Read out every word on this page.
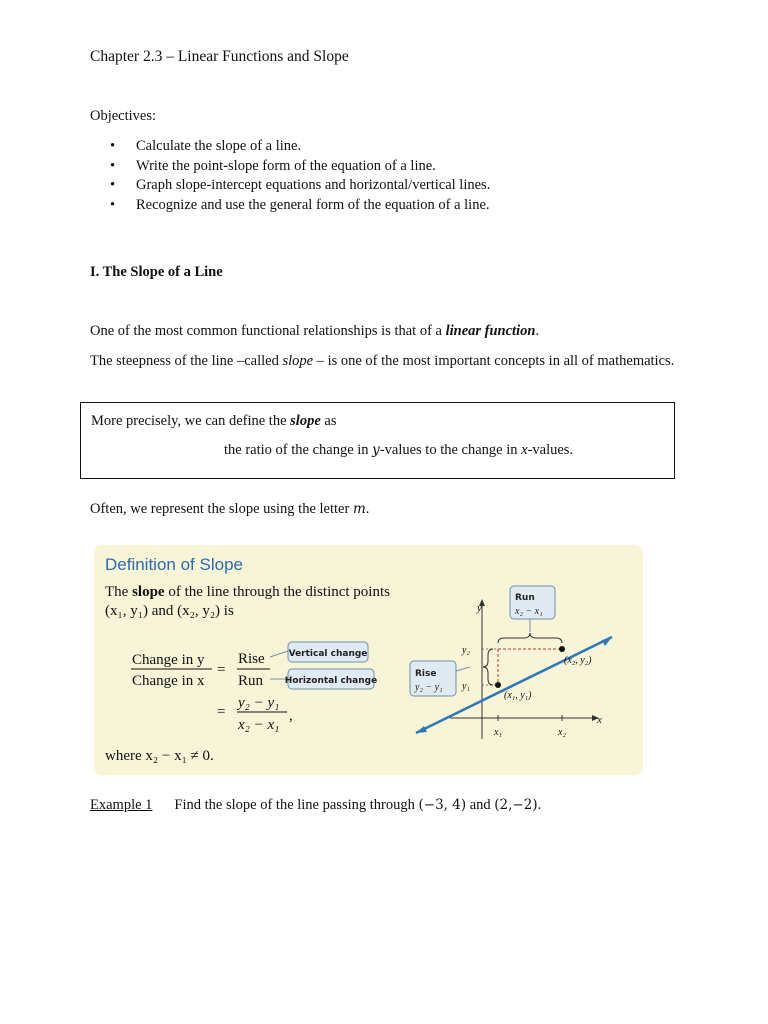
Chapter 2.3 – Linear Functions and Slope
Objectives:
• Calculate the slope of a line.
• Write the point-slope form of the equation of a line.
• Graph slope-intercept equations and horizontal/vertical lines.
• Recognize and use the general form of the equation of a line.
I. The Slope of a Line
One of the most common functional relationships is that of a linear function.
The steepness of the line –called slope – is one of the most important concepts in all of mathematics.
More precisely, we can define the slope as
the ratio of the change in y-values to the change in x-values.
Often, we represent the slope using the letter m.
Definition of Slope
The slope of the line through the distinct points
(x₁, y₁) and (x₂, y₂) is
Change in y
Change in x
=
Rise
Run
Vertical change
Horizontal change
=
y₂ − y₁
x₂ − x₁
,
where x₂ − x₁ ≠ 0.
y
x
(x₁, y₁)
(x₂, y₂)
y₂
y₁
x₁	x₂
Run
x₂ − x₁
Rise
y₂ − y₁
Example 1 Find the slope of the line passing through (−3, 4) and (2,−2).
